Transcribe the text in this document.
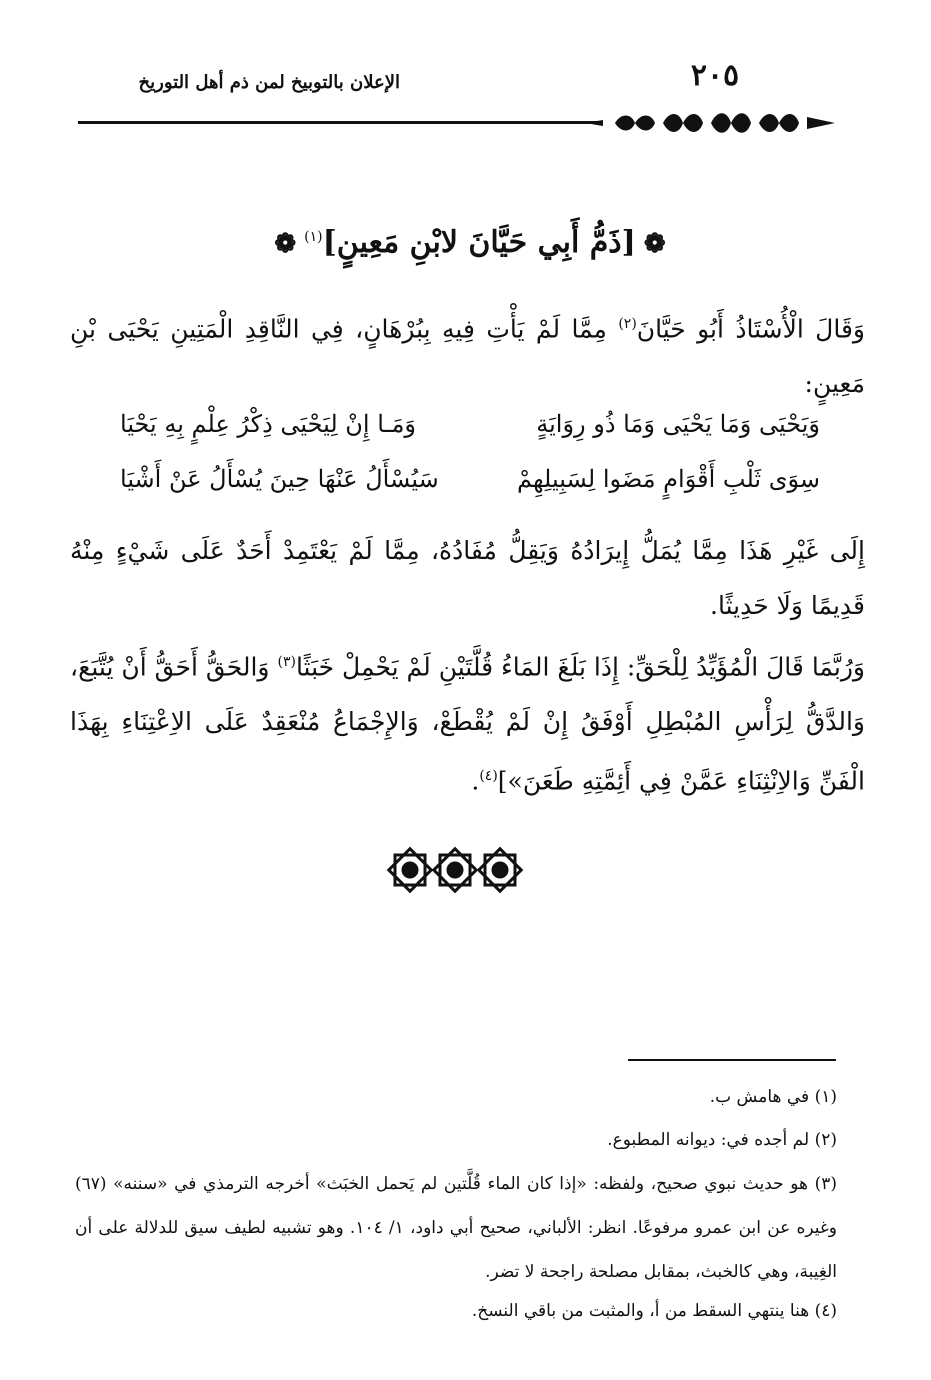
٢٠٥
الإعلان بالتوبيخ لمن ذم أهل التوريخ
❁[ذَمُّ أَبِي حَيَّانَ لابْنِ مَعِينٍ]$^{(١)}$❁
وَقَالَ الْأُسْتَاذُ أَبُو حَيَّانَ$^{(٢)}$ مِمَّا لَمْ يَأْتِ فِيهِ بِبُرْهَانٍ، فِي النَّاقِدِ الْمَتِينِ يَحْيَى بْنِ مَعِينٍ:
وَيَحْيَى وَمَا يَحْيَى وَمَا ذُو رِوَايَةٍ
وَمَـا إِنْ لِيَحْيَى ذِكْرُ عِلْمٍ بِهِ يَحْيَا
سِوَى ثَلْبِ أَقْوَامٍ مَضَوا لِسَبِيلِهِمْ
سَيُسْأَلُ عَنْهَا حِينَ يُسْأَلُ عَنْ أَشْيَا
إِلَى غَيْرِ هَذَا مِمَّا يُمَلُّ إِيرَادُهُ وَيَقِلُّ مُفَادُهُ، مِمَّا لَمْ يَعْتَمِدْ أَحَدٌ عَلَى شَيْءٍ مِنْهُ قَدِيمًا وَلَا حَدِيثًا.
وَرُبَّمَا قَالَ الْمُؤَيِّدُ لِلْحَقِّ: إِذَا بَلَغَ المَاءُ قُلَّتَيْنِ لَمْ يَحْمِلْ خَبَثًا$^{(٣)}$ وَالحَقُّ أَحَقُّ أَنْ يُتَّبَعَ، وَالدَّقُّ لِرَأْسِ المُبْطِلِ أَوْفَقُ إِنْ لَمْ يُقْطَعْ، وَالإِجْمَاعُ مُنْعَقِدٌ عَلَى الاِعْتِنَاءِ بِهَذَا الْفَنِّ وَالاِنْثِنَاءِ عَمَّنْ فِي أَئِمَّتِهِ طَعَنَ»]$^{(٤)}$.
(١) في هامش ب.
(٢) لم أجده في: ديوانه المطبوع.
(٣) هو حديث نبوي صحيح، ولفظه: «إذا كان الماء قُلَّتين لم يَحمل الخبَث» أخرجه الترمذي في «سننه» (٦٧) وغيره عن ابن عمرو مرفوعًا. انظر: الألباني، صحيح أبي داود، ١/ ١٠٤. وهو تشبيه لطيف سيق للدلالة على أن الغِيبة، وهي كالخبث، بمقابل مصلحة راجحة لا تضر.
(٤) هنا ينتهي السقط من أ، والمثبت من باقي النسخ.
